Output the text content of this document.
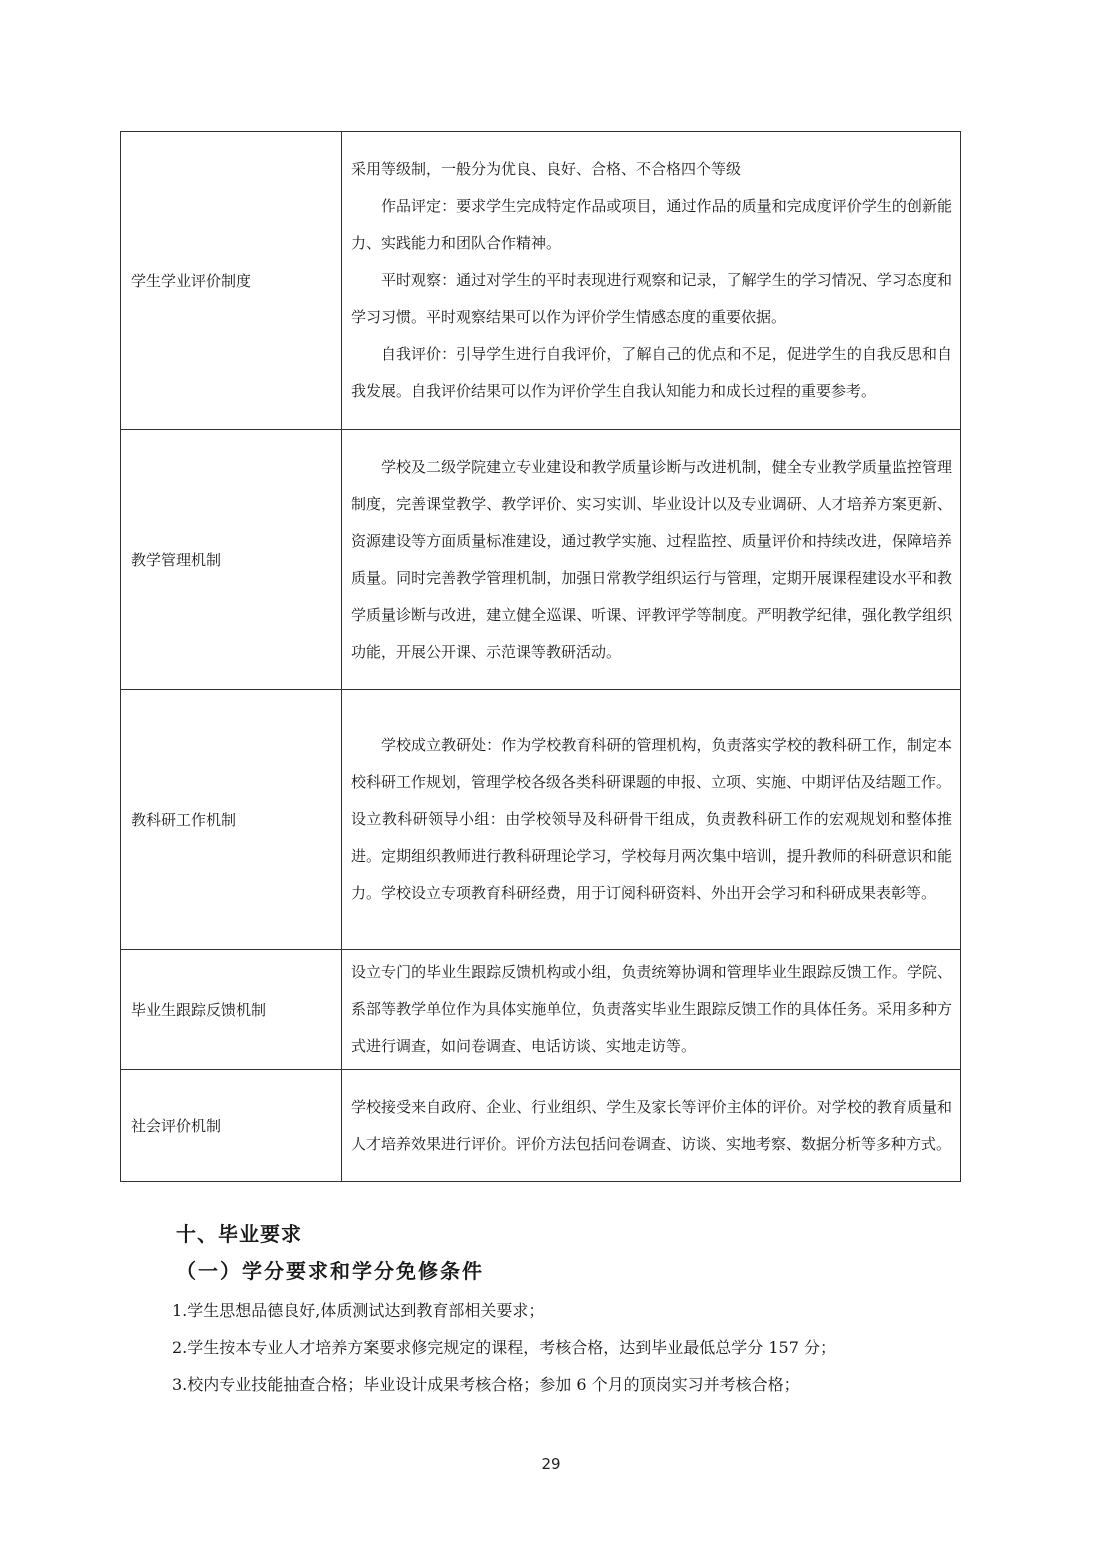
学生学业评价制度	采用等级制，一般分为优良、良好、合格、不合格四个等级

作品评定：要求学生完成特定作品或项目，通过作品的质量和完成度评价学生的创新能力、实践能力和团队合作精神。

平时观察：通过对学生的平时表现进行观察和记录，了解学生的学习情况、学习态度和学习习惯。平时观察结果可以作为评价学生情感态度的重要依据。

自我评价：引导学生进行自我评价，了解自己的优点和不足，促进学生的自我反思和自我发展。自我评价结果可以作为评价学生自我认知能力和成长过程的重要参考。

教学管理机制	学校及二级学院建立专业建设和教学质量诊断与改进机制，健全专业教学质量监控管理制度，完善课堂教学、教学评价、实习实训、毕业设计以及专业调研、人才培养方案更新、资源建设等方面质量标准建设，通过教学实施、过程监控、质量评价和持续改进，保障培养质量。同时完善教学管理机制，加强日常教学组织运行与管理，定期开展课程建设水平和教学质量诊断与改进，建立健全巡课、听课、评教评学等制度。严明教学纪律，强化教学组织功能，开展公开课、示范课等教研活动。

教科研工作机制	学校成立教研处：作为学校教育科研的管理机构，负责落实学校的教科研工作，制定本校科研工作规划，管理学校各级各类科研课题的申报、立项、实施、中期评估及结题工作。

设立教科研领导小组：由学校领导及科研骨干组成，负责教科研工作的宏观规划和整体推进。定期组织教师进行教科研理论学习，学校每月两次集中培训，提升教师的科研意识和能力。学校设立专项教育科研经费，用于订阅科研资料、外出开会学习和科研成果表彰等。

毕业生跟踪反馈机制	设立专门的毕业生跟踪反馈机构或小组，负责统筹协调和管理毕业生跟踪反馈工作。学院、系部等教学单位作为具体实施单位，负责落实毕业生跟踪反馈工作的具体任务。采用多种方式进行调查，如问卷调查、电话访谈、实地走访等。

社会评价机制	学校接受来自政府、企业、行业组织、学生及家长等评价主体的评价。对学校的教育质量和人才培养效果进行评价。评价方法包括问卷调查、访谈、实地考察、数据分析等多种方式。

十、毕业要求
（一）学分要求和学分免修条件
1.学生思想品德良好,体质测试达到教育部相关要求；
2.学生按本专业人才培养方案要求修完规定的课程，考核合格，达到毕业最低总学分 157 分；
3.校内专业技能抽查合格；毕业设计成果考核合格；参加 6 个月的顶岗实习并考核合格；
29
